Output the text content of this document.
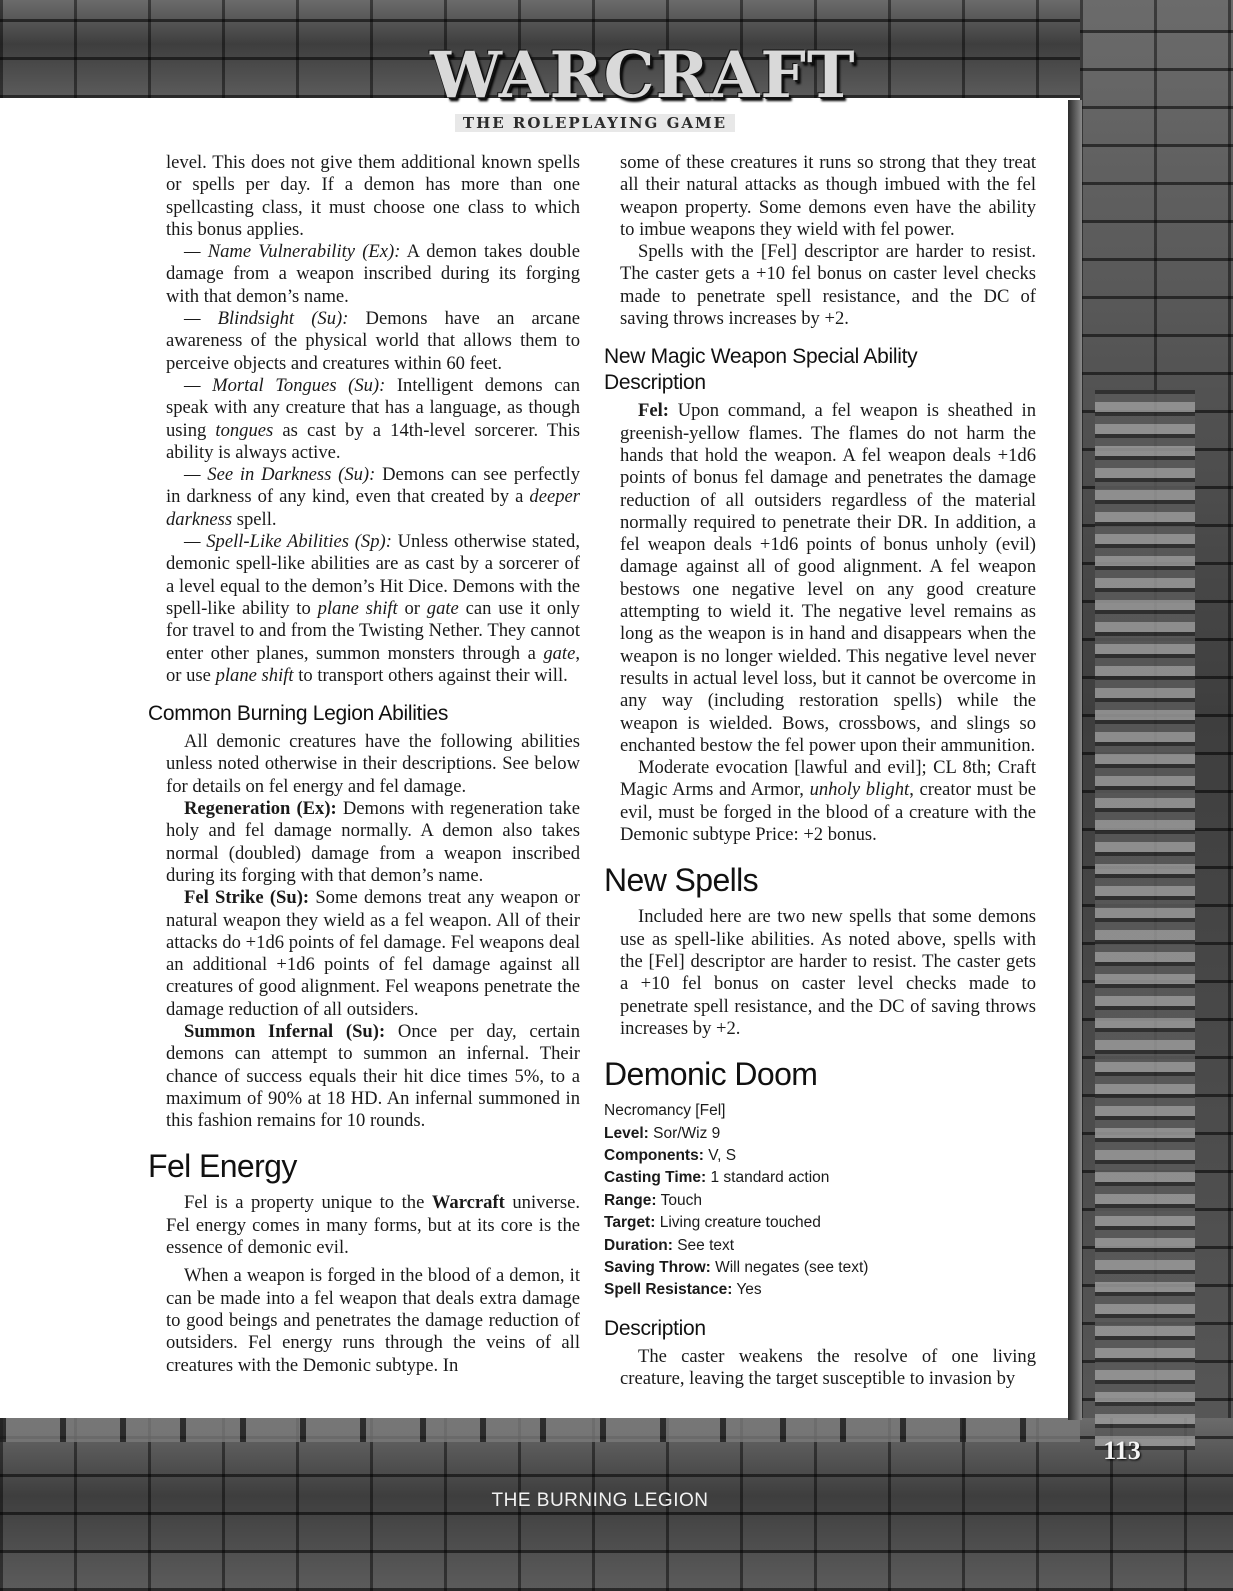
WARCRAFT
THE ROLEPLAYING GAME

level. This does not give them additional known spells or spells per day. If a demon has more than one spellcasting class, it must choose one class to which this bonus applies.

— Name Vulnerability (Ex): A demon takes double damage from a weapon inscribed during its forging with that demon’s name.

— Blindsight (Su): Demons have an arcane awareness of the physical world that allows them to perceive objects and creatures within 60 feet.

— Mortal Tongues (Su): Intelligent demons can speak with any creature that has a language, as though using tongues as cast by a 14th-level sorcerer. This ability is always active.

— See in Darkness (Su): Demons can see perfectly in darkness of any kind, even that created by a deeper darkness spell.

— Spell-Like Abilities (Sp): Unless otherwise stated, demonic spell-like abilities are as cast by a sorcerer of a level equal to the demon’s Hit Dice. Demons with the spell-like ability to plane shift or gate can use it only for travel to and from the Twisting Nether. They cannot enter other planes, summon monsters through a gate, or use plane shift to transport others against their will.

Common Burning Legion Abilities

All demonic creatures have the following abilities unless noted otherwise in their descriptions. See below for details on fel energy and fel damage.

Regeneration (Ex): Demons with regeneration take holy and fel damage normally. A demon also takes normal (doubled) damage from a weapon inscribed during its forging with that demon’s name.

Fel Strike (Su): Some demons treat any weapon or natural weapon they wield as a fel weapon. All of their attacks do +1d6 points of fel damage. Fel weapons deal an additional +1d6 points of fel damage against all creatures of good alignment. Fel weapons penetrate the damage reduction of all outsiders.

Summon Infernal (Su): Once per day, certain demons can attempt to summon an infernal. Their chance of success equals their hit dice times 5%, to a maximum of 90% at 18 HD. An infernal summoned in this fashion remains for 10 rounds.

Fel Energy

Fel is a property unique to the Warcraft universe. Fel energy comes in many forms, but at its core is the essence of demonic evil.

When a weapon is forged in the blood of a demon, it can be made into a fel weapon that deals extra damage to good beings and penetrates the damage reduction of outsiders. Fel energy runs through the veins of all creatures with the Demonic subtype. In

some of these creatures it runs so strong that they treat all their natural attacks as though imbued with the fel weapon property. Some demons even have the ability to imbue weapons they wield with fel power.

Spells with the [Fel] descriptor are harder to resist. The caster gets a +10 fel bonus on caster level checks made to penetrate spell resistance, and the DC of saving throws increases by +2.

New Magic Weapon Special Ability
Description

Fel: Upon command, a fel weapon is sheathed in greenish-yellow flames. The flames do not harm the hands that hold the weapon. A fel weapon deals +1d6 points of bonus fel damage and penetrates the damage reduction of all outsiders regardless of the material normally required to penetrate their DR. In addition, a fel weapon deals +1d6 points of bonus unholy (evil) damage against all of good alignment. A fel weapon bestows one negative level on any good creature attempting to wield it. The negative level remains as long as the weapon is in hand and disappears when the weapon is no longer wielded. This negative level never results in actual level loss, but it cannot be overcome in any way (including restoration spells) while the weapon is wielded. Bows, crossbows, and slings so enchanted bestow the fel power upon their ammunition.

Moderate evocation [lawful and evil]; CL 8th; Craft Magic Arms and Armor, unholy blight, creator must be evil, must be forged in the blood of a creature with the Demonic subtype Price: +2 bonus.

New Spells

Included here are two new spells that some demons use as spell-like abilities. As noted above, spells with the [Fel] descriptor are harder to resist. The caster gets a +10 fel bonus on caster level checks made to penetrate spell resistance, and the DC of saving throws increases by +2.

Demonic Doom
Necromancy [Fel]
Level: Sor/Wiz 9
Components: V, S
Casting Time: 1 standard action
Range: Touch
Target: Living creature touched
Duration: See text
Saving Throw: Will negates (see text)
Spell Resistance: Yes
Description

The caster weakens the resolve of one living creature, leaving the target susceptible to invasion by

THE BURNING LEGION
113
